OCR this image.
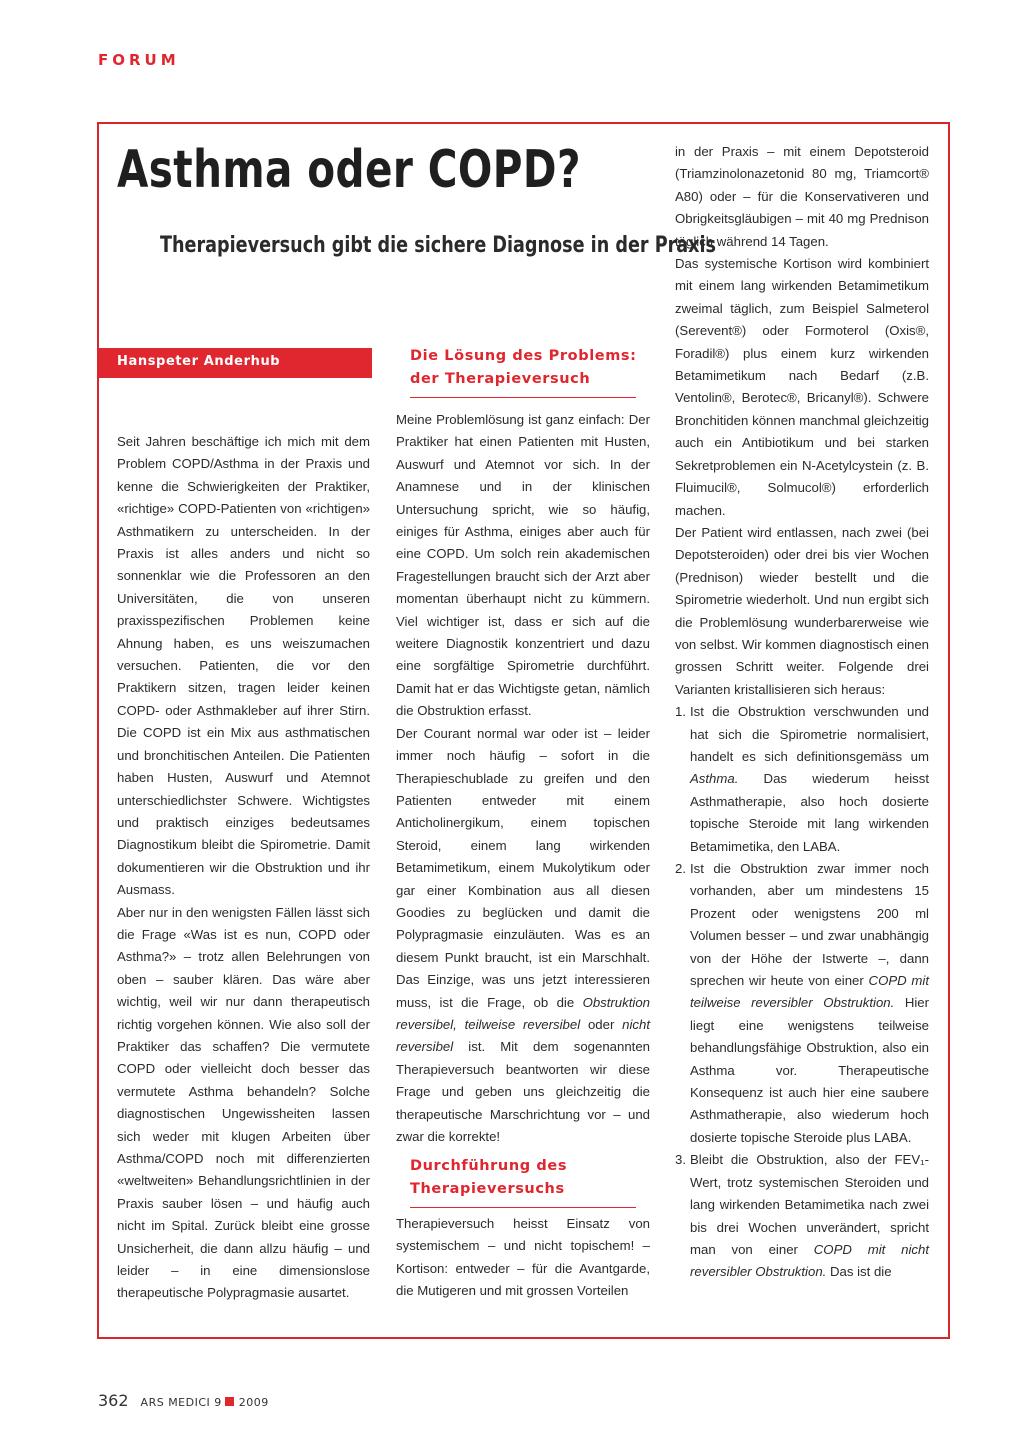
FORUM
Asthma oder COPD?
Therapieversuch gibt die sichere Diagnose in der Praxis
Hanspeter Anderhub

Seit Jahren beschäftige ich mich mit dem Problem COPD/Asthma in der Praxis und kenne die Schwierigkeiten der Praktiker, «richtige» COPD-Patienten von «richtigen» Asthmatikern zu unterscheiden. In der Praxis ist alles anders und nicht so sonnenklar wie die Professoren an den Universitäten, die von unseren praxisspezifischen Problemen keine Ahnung haben, es uns weiszumachen versuchen. Patienten, die vor den Praktikern sitzen, tragen leider keinen COPD- oder Asthmakleber auf ihrer Stirn. Die COPD ist ein Mix aus asthmatischen und bronchitischen Anteilen. Die Patienten haben Husten, Auswurf und Atemnot unterschiedlichster Schwere. Wichtigstes und praktisch einziges bedeutsames Diagnostikum bleibt die Spirometrie. Damit dokumentieren wir die Obstruktion und ihr Ausmass.

Aber nur in den wenigsten Fällen lässt sich die Frage «Was ist es nun, COPD oder Asthma?» – trotz allen Belehrungen von oben – sauber klären. Das wäre aber wichtig, weil wir nur dann therapeutisch richtig vorgehen können. Wie also soll der Praktiker das schaffen? Die vermutete COPD oder vielleicht doch besser das vermutete Asthma behandeln? Solche diagnostischen Ungewissheiten lassen sich weder mit klugen Arbeiten über Asthma/COPD noch mit differenzierten «weltweiten» Behandlungsrichtlinien in der Praxis sauber lösen – und häufig auch nicht im Spital. Zurück bleibt eine grosse Unsicherheit, die dann allzu häufig – und leider – in eine dimensionslose therapeutische Polypragmasie ausartet.

Die Lösung des Problems: der Therapieversuch

Meine Problemlösung ist ganz einfach: Der Praktiker hat einen Patienten mit Husten, Auswurf und Atemnot vor sich. In der Anamnese und in der klinischen Untersuchung spricht, wie so häufig, einiges für Asthma, einiges aber auch für eine COPD. Um solch rein akademischen Fragestellungen braucht sich der Arzt aber momentan überhaupt nicht zu kümmern. Viel wichtiger ist, dass er sich auf die weitere Diagnostik konzentriert und dazu eine sorgfältige Spirometrie durchführt. Damit hat er das Wichtigste getan, nämlich die Obstruktion erfasst.

Der Courant normal war oder ist – leider immer noch häufig – sofort in die Therapieschublade zu greifen und den Patienten entweder mit einem Anticholinergikum, einem topischen Steroid, einem lang wirkenden Betamimetikum, einem Mukolytikum oder gar einer Kombination aus all diesen Goodies zu beglücken und damit die Polypragmasie einzuläuten. Was es an diesem Punkt braucht, ist ein Marschhalt. Das Einzige, was uns jetzt interessieren muss, ist die Frage, ob die Obstruktion reversibel, teilweise reversibel oder nicht reversibel ist. Mit dem sogenannten Therapieversuch beantworten wir diese Frage und geben uns gleichzeitig die therapeutische Marschrichtung vor – und zwar die korrekte!

Durchführung des Therapieversuchs

Therapieversuch heisst Einsatz von systemischem – und nicht topischem! – Kortison: entweder – für die Avantgarde, die Mutigeren und mit grossen Vorteilen

in der Praxis – mit einem Depotsteroid (Triamzinolonazetonid 80 mg, Triamcort® A80) oder – für die Konservativeren und Obrigkeitsgläubigen – mit 40 mg Prednison täglich während 14 Tagen.

Das systemische Kortison wird kombiniert mit einem lang wirkenden Betamimetikum zweimal täglich, zum Beispiel Salmeterol (Serevent®) oder Formoterol (Oxis®, Foradil®) plus einem kurz wirkenden Betamimetikum nach Bedarf (z.B. Ventolin®, Berotec®, Bricanyl®). Schwere Bronchitiden können manchmal gleichzeitig auch ein Antibiotikum und bei starken Sekretproblemen ein N-Acetylcystein (z. B. Fluimucil®, Solmucol®) erforderlich machen.

Der Patient wird entlassen, nach zwei (bei Depotsteroiden) oder drei bis vier Wochen (Prednison) wieder bestellt und die Spirometrie wiederholt. Und nun ergibt sich die Problemlösung wunderbarerweise wie von selbst. Wir kommen diagnostisch einen grossen Schritt weiter. Folgende drei Varianten kristallisieren sich heraus:

1. Ist die Obstruktion verschwunden und hat sich die Spirometrie normalisiert, handelt es sich definitionsgemäss um Asthma. Das wiederum heisst Asthmatherapie, also hoch dosierte topische Steroide mit lang wirkenden Betamimetika, den LABA.
2. Ist die Obstruktion zwar immer noch vorhanden, aber um mindestens 15 Prozent oder wenigstens 200 ml Volumen besser – und zwar unabhängig von der Höhe der Istwerte –, dann sprechen wir heute von einer COPD mit teilweise reversibler Obstruktion. Hier liegt eine wenigstens teilweise behandlungsfähige Obstruktion, also ein Asthma vor. Therapeutische Konsequenz ist auch hier eine saubere Asthmatherapie, also wiederum hoch dosierte topische Steroide plus LABA.
3. Bleibt die Obstruktion, also der FEV₁-Wert, trotz systemischen Steroiden und lang wirkenden Betamimetika nach zwei bis drei Wochen unverändert, spricht man von einer COPD mit nicht reversibler Obstruktion. Das ist die
362 ARS MEDICI 9 2009
